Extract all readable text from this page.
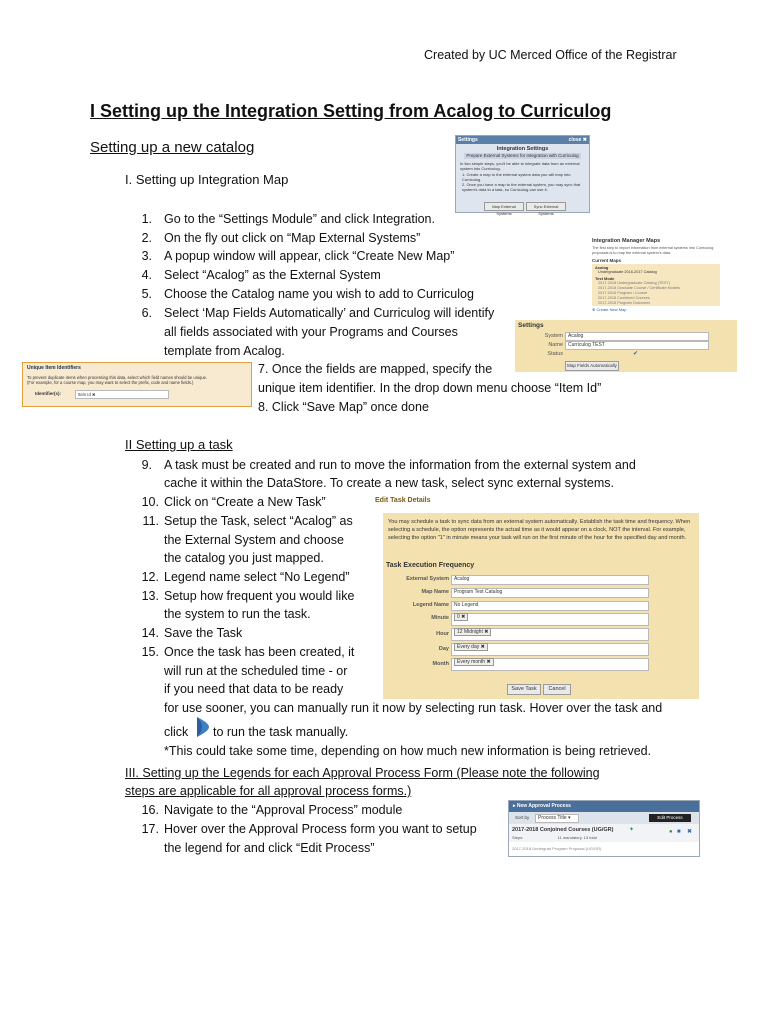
Created by UC Merced Office of the Registrar
I Setting up the Integration Setting from Acalog to Curriculog
Setting up a new catalog
I. Setting up Integration Map
1. Go to the “Settings Module” and click Integration.
2. On the fly out click on “Map External Systems”
3. A popup window will appear, click “Create New Map”
4. Select “Acalog” as the External System
5. Choose the Catalog name you wish to add to Curriculog
6. Select ‘Map Fields Automatically’ and Curriculog will identify
all fields associated with your Programs and Courses
template from Acalog.
7. Once the fields are mapped, specify the
unique item identifier. In the drop down menu choose “Item Id”
8. Click “Save Map” once done
Settings	close ✖
Integration Settings
Prepare External Systems for Integration with Curriculog
In two simple steps, you'll be able to integrate data from an external system into Curriculog.
1. Create a map to the external system data you will map into Curriculog.
2. Once you have a map to the external system, you may sync that system's data to a task, so Curriculog can use it.
Map External Systems
Sync External Systems
Integration Manager Maps
The first step to import information from external systems into Curriculog proposals is to map the external system's data.
Current Maps
Acalog
Undergraduate 2016-2017 Catalog
Test Mode
2017-2018 Undergraduate Catalog (TEST)
2017-2018 Graduate Course / Certificate Models
2017-2018 Program / Course
2017-2018 Combined Courses
2017-2018 Program Outcomes
⊕ Create New Map
Settings
System	Acalog
Name	Curriculog TEST
Status	✔
Map Fields Automatically
Unique Item Identifiers
To prevent duplicate items when processing this data, select which field names should be unique.
(For example, for a course map, you may want to select the prefix, code and name fields.)
Identifier(s):	Item Id ✖
II Setting up a task
9. A task must be created and run to move the information from the external system and
cache it within the DataStore. To create a new task, select sync external systems.
10. Click on “Create a New Task”
11. Setup the Task, select “Acalog” as
the External System and choose
the catalog you just mapped.
12. Legend name select “No Legend”
13. Setup how frequent you would like
the system to run the task.
14. Save the Task
15. Once the task has been created, it
will run at the scheduled time - or
if you need that data to be ready
for use sooner, you can manually run it now by selecting run task. Hover over the task and
click to run the task manually.
*This could take some time, depending on how much new information is being retrieved.
Edit Task Details
You may schedule a task to sync data from an external system automatically. Establish the task time and frequency. When selecting a schedule, the option represents the actual time as it would appear on a clock, NOT the interval. For example, selecting the option "1" in minute means your task will run on the first minute of the hour for the specified day and month.
Task Execution Frequency
External System	Acalog
Map Name	Program Test Catalog
Legend Name	No Legend
Minute	0 ✖
Hour	12 Midnight ✖
Day	Every day ✖
Month	Every month ✖
Save Task	Cancel
III. Setting up the Legends for each Approval Process Form (Please note the following
steps are applicable for all approval process forms.)
16. Navigate to the “Approval Process” module
17. Hover over the Approval Process form you want to setup
the legend for and click “Edit Process”
▸ New Approval Process
Sort by	Process Title ▾	Edit Process
2017-2018 Conjoined Courses (UG/GR)	✦
Steps:          11 mandatory, 13 total
● ■ ✖
2017-2018 Undergrad Program Proposal (UG/GR)
